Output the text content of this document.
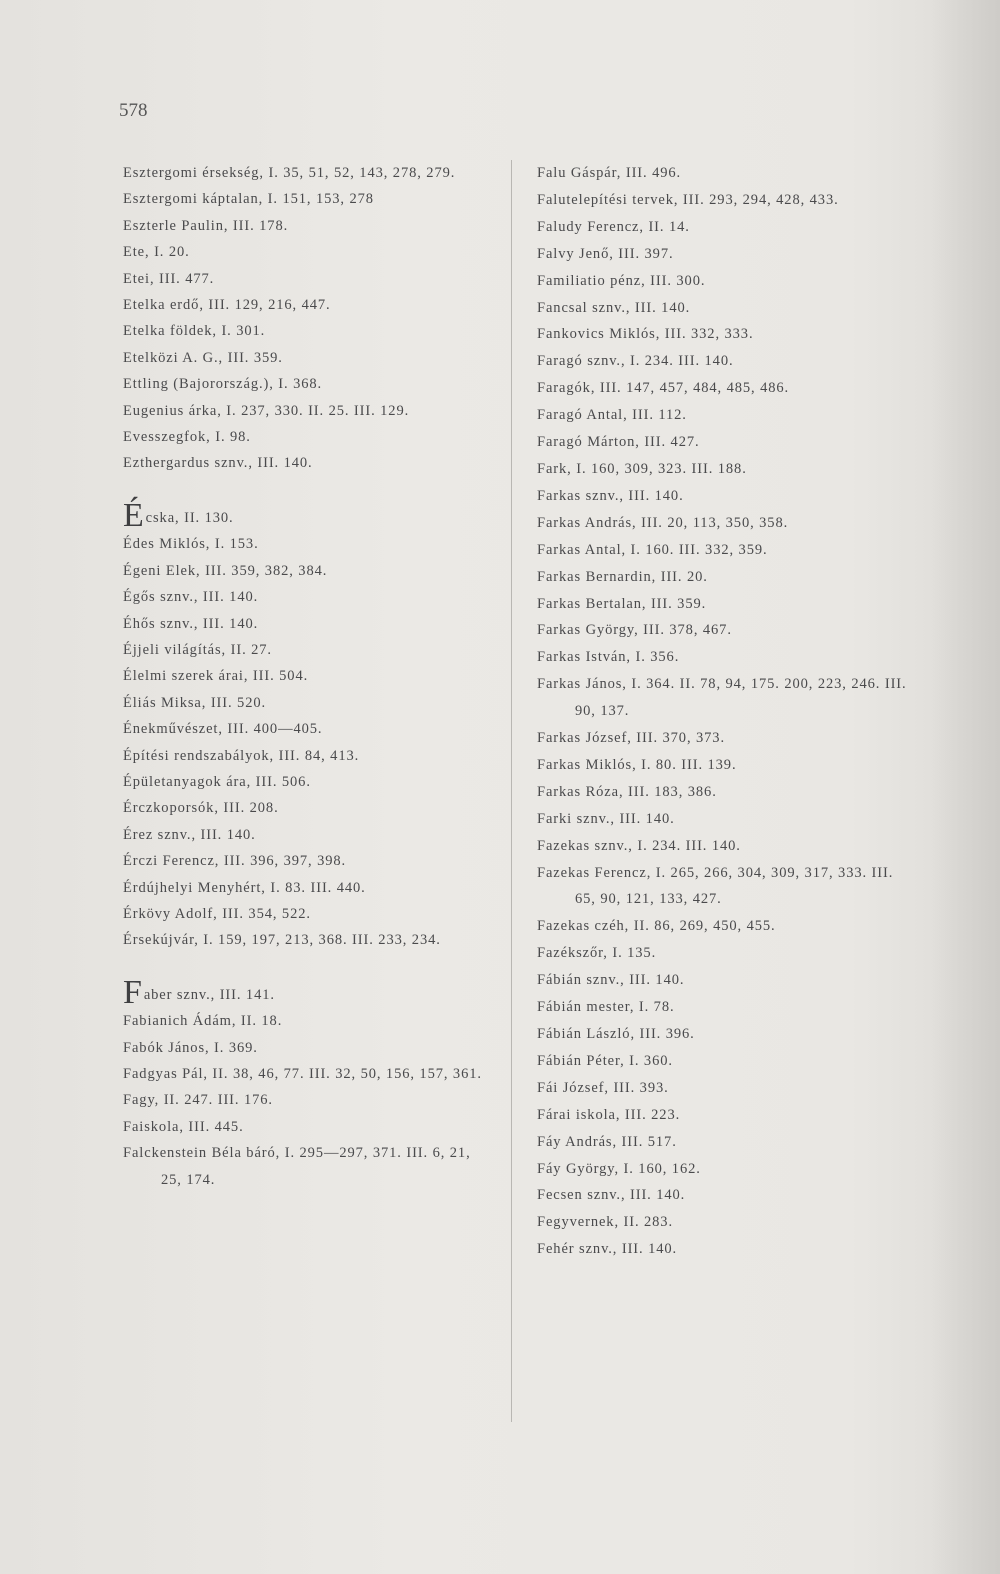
578

Esztergomi érsekség, I. 35, 51, 52, 143, 278, 279.

Esztergomi káptalan, I. 151, 153, 278

Eszterle Paulin, III. 178.

Ete, I. 20.

Etei, III. 477.

Etelka erdő, III. 129, 216, 447.

Etelka földek, I. 301.

Etelközi A. G., III. 359.

Ettling (Bajorország.), I. 368.

Eugenius árka, I. 237, 330. II. 25. III. 129.

Evesszegfok, I. 98.

Ezthergardus sznv., III. 140.

Écska, II. 130.

Édes Miklós, I. 153.

Égeni Elek, III. 359, 382, 384.

Égős sznv., III. 140.

Éhős sznv., III. 140.

Éjjeli világítás, II. 27.

Élelmi szerek árai, III. 504.

Éliás Miksa, III. 520.

Énekművészet, III. 400—405.

Építési rendszabályok, III. 84, 413.

Épületanyagok ára, III. 506.

Érczkoporsók, III. 208.

Érez sznv., III. 140.

Érczi Ferencz, III. 396, 397, 398.

Érdújhelyi Menyhért, I. 83. III. 440.

Érkövy Adolf, III. 354, 522.

Érsekújvár, I. 159, 197, 213, 368. III. 233, 234.

Faber sznv., III. 141.

Fabianich Ádám, II. 18.

Fabók János, I. 369.

Fadgyas Pál, II. 38, 46, 77. III. 32, 50, 156, 157, 361.

Fagy, II. 247. III. 176.

Faiskola, III. 445.

Falckenstein Béla báró, I. 295—297, 371. III. 6, 21, 25, 174.

Falu Gáspár, III. 496.

Falutelepítési tervek, III. 293, 294, 428, 433.

Faludy Ferencz, II. 14.

Falvy Jenő, III. 397.

Familiatio pénz, III. 300.

Fancsal sznv., III. 140.

Fankovics Miklós, III. 332, 333.

Faragó sznv., I. 234. III. 140.

Faragók, III. 147, 457, 484, 485, 486.

Faragó Antal, III. 112.

Faragó Márton, III. 427.

Fark, I. 160, 309, 323. III. 188.

Farkas sznv., III. 140.

Farkas András, III. 20, 113, 350, 358.

Farkas Antal, I. 160. III. 332, 359.

Farkas Bernardin, III. 20.

Farkas Bertalan, III. 359.

Farkas György, III. 378, 467.

Farkas István, I. 356.

Farkas János, I. 364. II. 78, 94, 175. 200, 223, 246. III. 90, 137.

Farkas József, III. 370, 373.

Farkas Miklós, I. 80. III. 139.

Farkas Róza, III. 183, 386.

Farki sznv., III. 140.

Fazekas sznv., I. 234. III. 140.

Fazekas Ferencz, I. 265, 266, 304, 309, 317, 333. III. 65, 90, 121, 133, 427.

Fazekas czéh, II. 86, 269, 450, 455.

Fazékszőr, I. 135.

Fábián sznv., III. 140.

Fábián mester, I. 78.

Fábián László, III. 396.

Fábián Péter, I. 360.

Fái József, III. 393.

Fárai iskola, III. 223.

Fáy András, III. 517.

Fáy György, I. 160, 162.

Fecsen sznv., III. 140.

Fegyvernek, II. 283.

Fehér sznv., III. 140.
